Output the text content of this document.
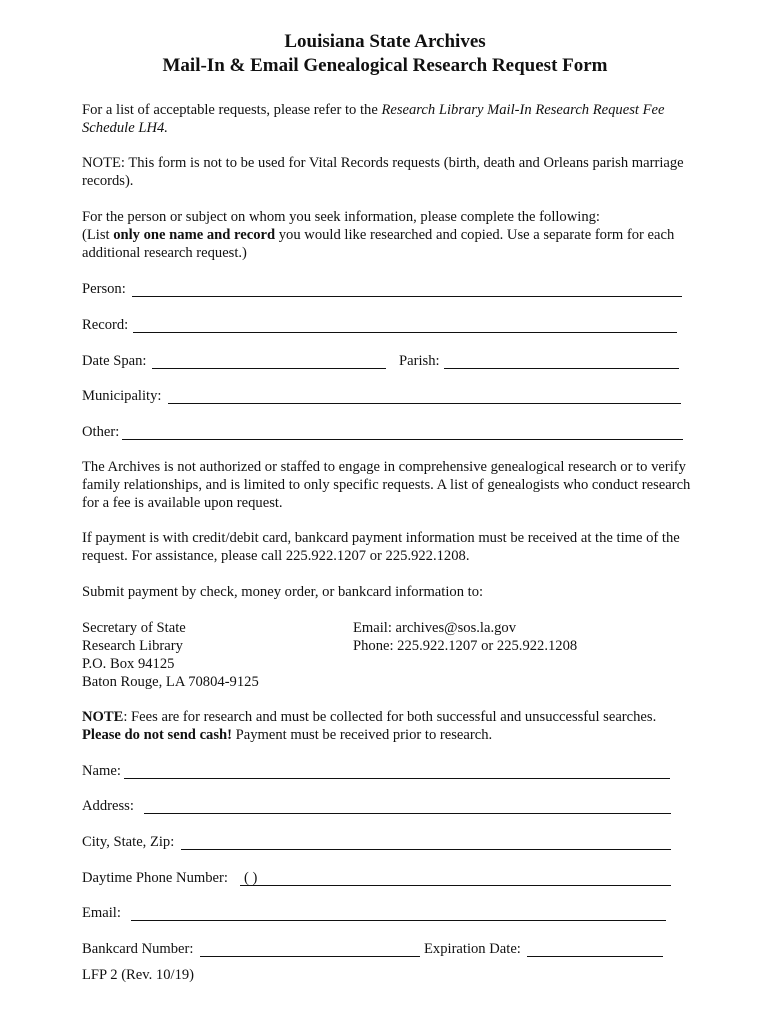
Louisiana State Archives
Mail-In & Email Genealogical Research Request Form

For a list of acceptable requests, please refer to the Research Library Mail-In Research Request Fee Schedule LH4.

NOTE: This form is not to be used for Vital Records requests (birth, death and Orleans parish marriage records).

For the person or subject on whom you seek information, please complete the following:

(List only one name and record you would like researched and copied. Use a separate form for each additional research request.)

Person:
Record:
Date Span:	Parish:
Municipality:
Other:
The Archives is not authorized or staffed to engage in comprehensive genealogical research or to verify family relationships, and is limited to only specific requests. A list of genealogists who conduct research for a fee is available upon request.
If payment is with credit/debit card, bankcard payment information must be received at the time of the request. For assistance, please call 225.922.1207 or 225.922.1208.
Submit payment by check, money order, or bankcard information to:
Secretary of State
Research Library
P.O. Box 94125
Baton Rouge, LA 70804-9125
Email: archives@sos.la.gov
Phone: 225.922.1207 or 225.922.1208

NOTE: Fees are for research and must be collected for both successful and unsuccessful searches.

Please do not send cash! Payment must be received prior to research.

Name:
Address:
City, State, Zip:
Daytime Phone Number: ( )
Email:
Bankcard Number:	Expiration Date:
LFP 2 (Rev. 10/19)
